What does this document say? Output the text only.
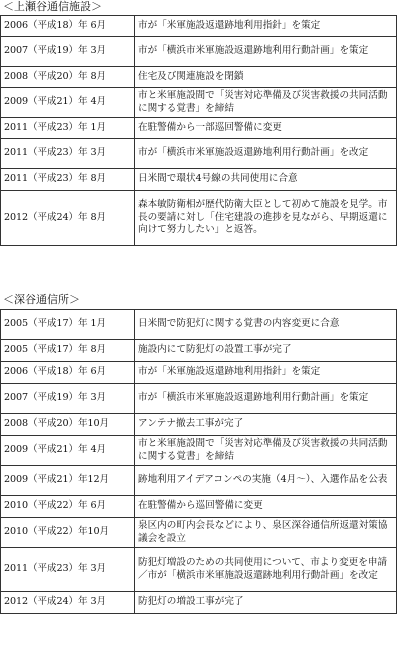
＜上瀬谷通信施設＞
2006（平成18）年 6月	市が「米軍施設返還跡地利用指針」を策定
2007（平成19）年 3月	市が「横浜市米軍施設返還跡地利用行動計画」を策定
2008（平成20）年 8月	住宅及び関連施設を閉鎖
2009（平成21）年 4月	市と米軍施設間で「災害対応準備及び災害救援の共同活動に関する覚書」を締結
2011（平成23）年 1月	在駐警備から一部巡回警備に変更
2011（平成23）年 3月	市が「横浜市米軍施設返還跡地利用行動計画」を改定
2011（平成23）年 8月	日米間で環状4号線の共同使用に合意
2012（平成24）年 8月	森本敏防衛相が歴代防衛大臣として初めて施設を見学。市長の要請に対し「住宅建設の進捗を見ながら、早期返還に向けて努力したい」と返答。
＜深谷通信所＞
2005（平成17）年 1月	日米間で防犯灯に関する覚書の内容変更に合意
2005（平成17）年 8月	施設内にて防犯灯の設置工事が完了
2006（平成18）年 6月	市が「米軍施設返還跡地利用指針」を策定
2007（平成19）年 3月	市が「横浜市米軍施設返還跡地利用行動計画」を策定
2008（平成20）年10月	アンテナ撤去工事が完了
2009（平成21）年 4月	市と米軍施設間で「災害対応準備及び災害救援の共同活動に関する覚書」を締結
2009（平成21）年12月	跡地利用アイデアコンペの実施（4月～）、入選作品を公表
2010（平成22）年 6月	在駐警備から巡回警備に変更
2010（平成22）年10月	泉区内の町内会長などにより、泉区深谷通信所返還対策協議会を設立
2011（平成23）年 3月	防犯灯増設のための共同使用について、市より変更を申請／市が「横浜市米軍施設返還跡地利用行動計画」を改定
2012（平成24）年 3月	防犯灯の増設工事が完了
